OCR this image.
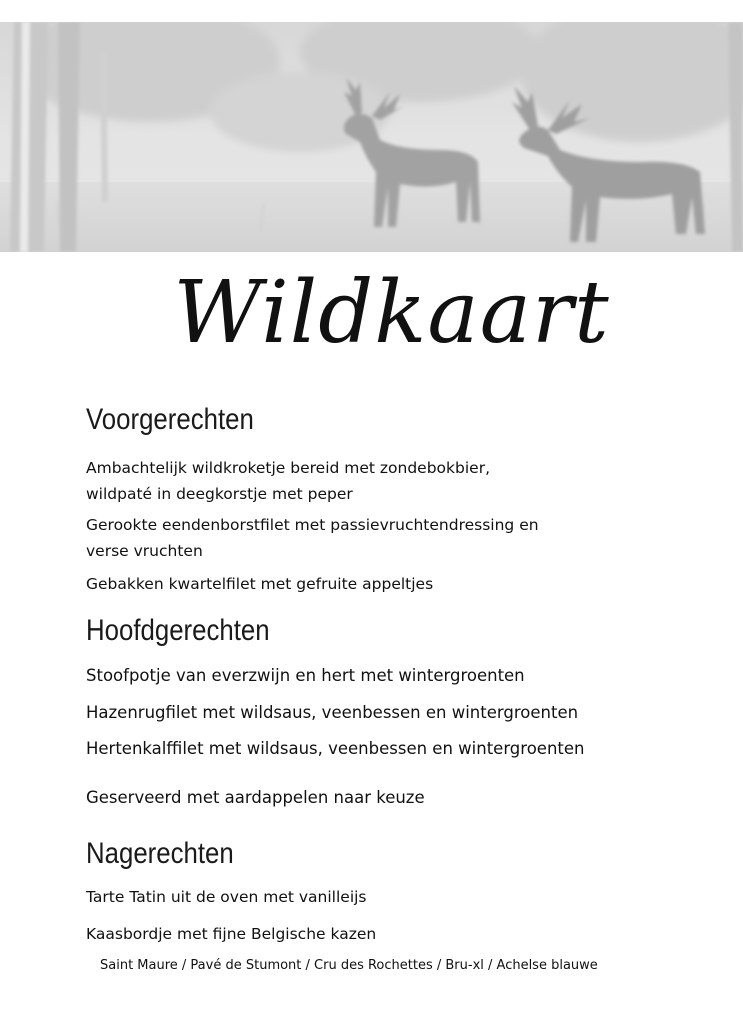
Wildkaart
Voorgerechten
Ambachtelijk wildkroketje bereid met zondebokbier,
wildpaté in deegkorstje met peper
Gerookte eendenborstfilet met passievruchtendressing en
verse vruchten
Gebakken kwartelfilet met gefruite appeltjes
Hoofdgerechten
Stoofpotje van everzwijn en hert met wintergroenten
Hazenrugfilet met wildsaus, veenbessen en wintergroenten
Hertenkalffilet met wildsaus, veenbessen en wintergroenten
Geserveerd met aardappelen naar keuze
Nagerechten
Tarte Tatin uit de oven met vanilleijs
Kaasbordje met fijne Belgische kazen
Saint Maure / Pavé de Stumont / Cru des Rochettes / Bru-xl / Achelse blauwe
